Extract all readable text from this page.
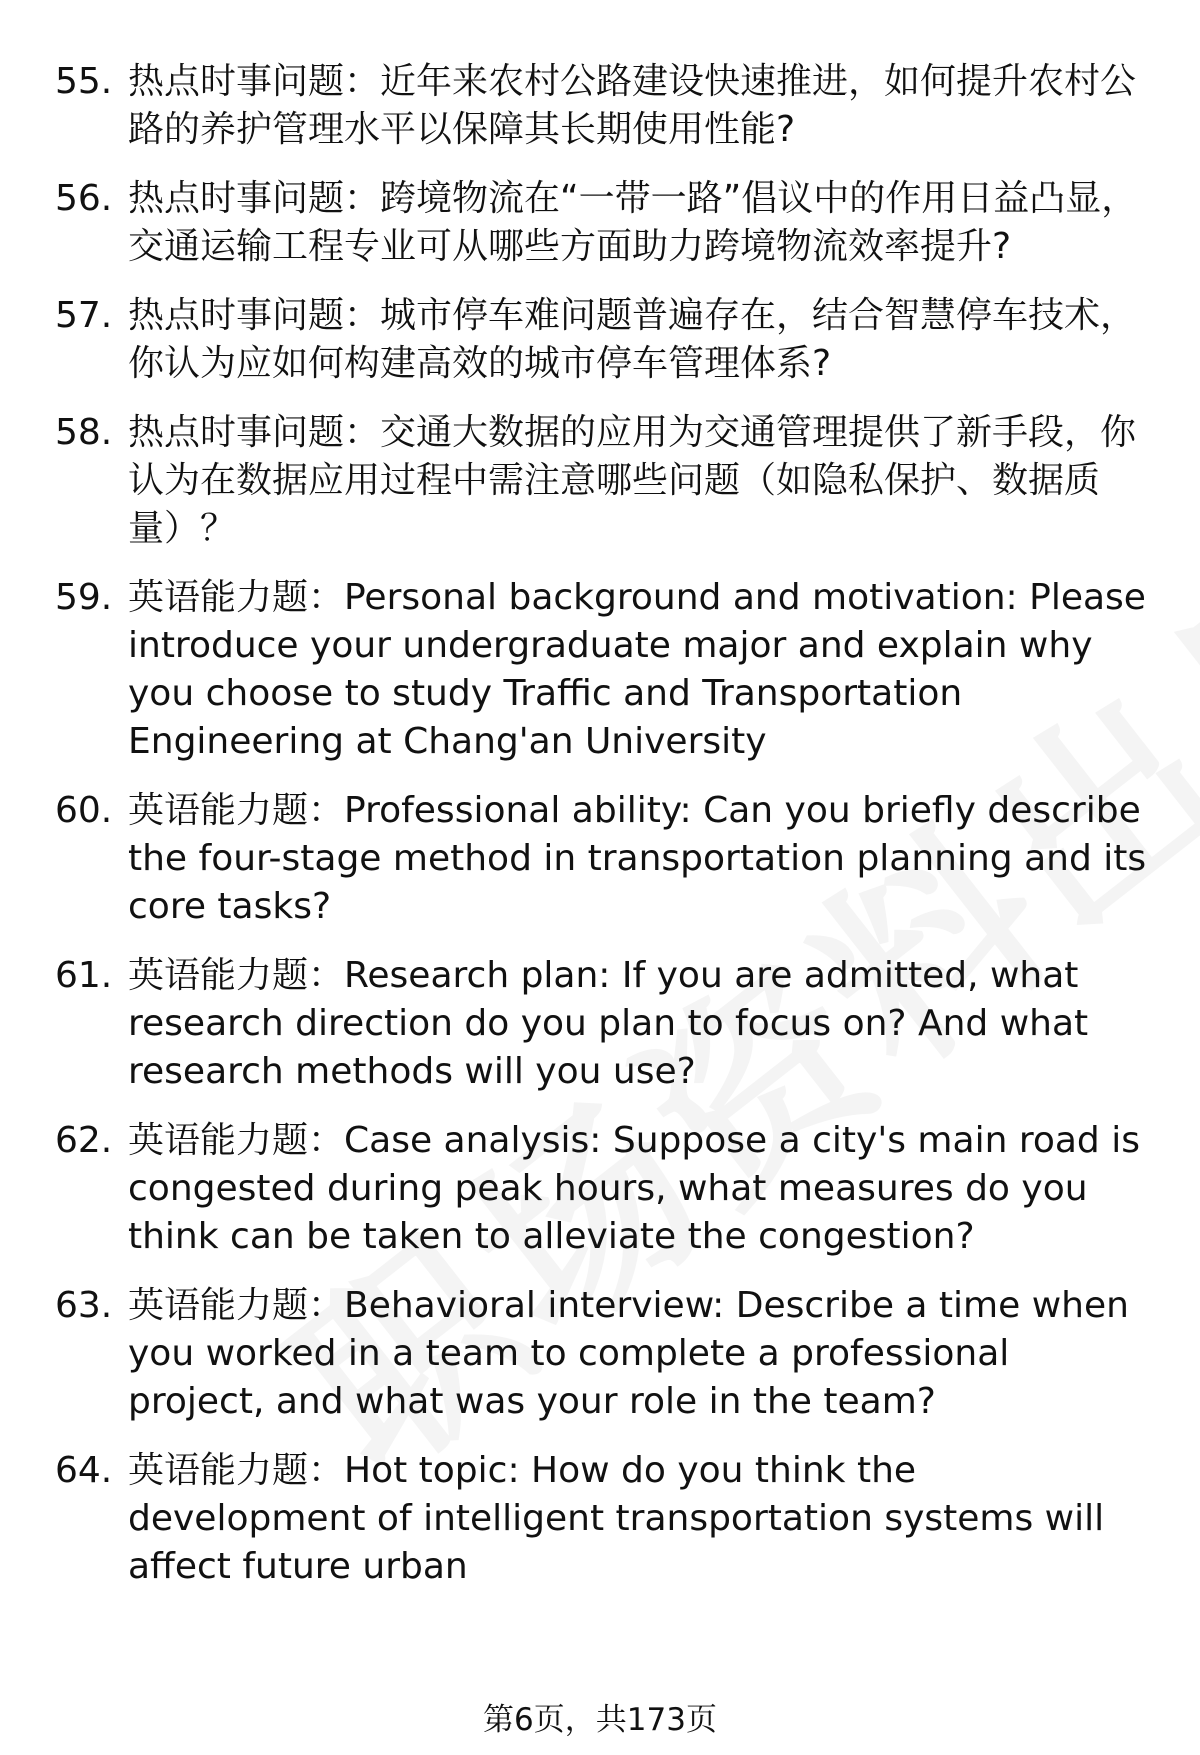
55. 热点时事问题：近年来农村公路建设快速推进，如何提升农村公路的养护管理水平以保障其长期使用性能?
56. 热点时事问题：跨境物流在“一带一路”倡议中的作用日益凸显，交通运输工程专业可从哪些方面助力跨境物流效率提升?
57. 热点时事问题：城市停车难问题普遍存在，结合智慧停车技术，你认为应如何构建高效的城市停车管理体系?
58. 热点时事问题：交通大数据的应用为交通管理提供了新手段，你认为在数据应用过程中需注意哪些问题（如隐私保护、数据质量）？
59. 英语能力题：Personal background and motivation: Please introduce your undergraduate major and explain why you choose to study Traffic and Transportation Engineering at Chang'an University
60. 英语能力题：Professional ability: Can you briefly describe the four-stage method in transportation planning and its core tasks?
61. 英语能力题：Research plan: If you are admitted, what research direction do you plan to focus on? And what research methods will you use?
62. 英语能力题：Case analysis: Suppose a city's main road is congested during peak hours, what measures do you think can be taken to alleviate the congestion?
63. 英语能力题：Behavioral interview: Describe a time when you worked in a team to complete a professional project, and what was your role in the team?
64. 英语能力题：Hot topic: How do you think the development of intelligent transportation systems will affect future urban
第6页，共173页
